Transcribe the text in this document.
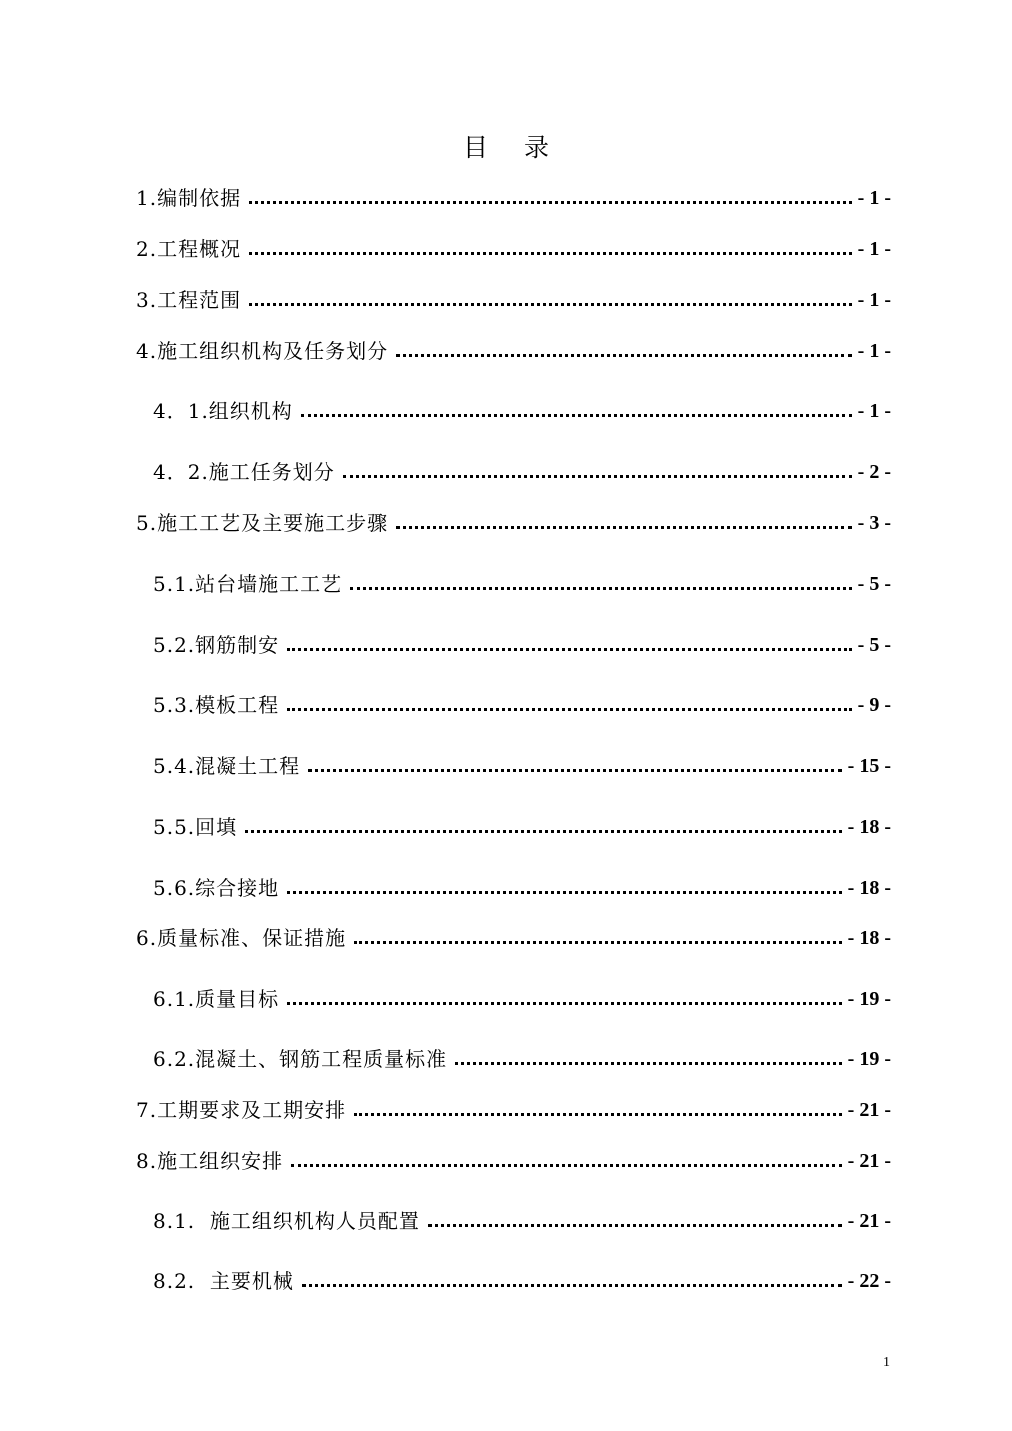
目 录
1.编制依据	- 1 -
2.工程概况	- 1 -
3.工程范围	- 1 -
4.施工组织机构及任务划分	- 1 -
4．1.组织机构	- 1 -
4．2.施工任务划分	- 2 -
5.施工工艺及主要施工步骤	- 3 -
5.1.站台墙施工工艺	- 5 -
5.2.钢筋制安	- 5 -
5.3.模板工程	- 9 -
5.4.混凝土工程	- 15 -
5.5.回填	- 18 -
5.6.综合接地	- 18 -
6.质量标准、保证措施	- 18 -
6.1.质量目标	- 19 -
6.2.混凝土、钢筋工程质量标准	- 19 -
7.工期要求及工期安排	- 21 -
8.施工组织安排	- 21 -
8.1.  施工组织机构人员配置	- 21 -
8.2.  主要机械	- 22 -
1
